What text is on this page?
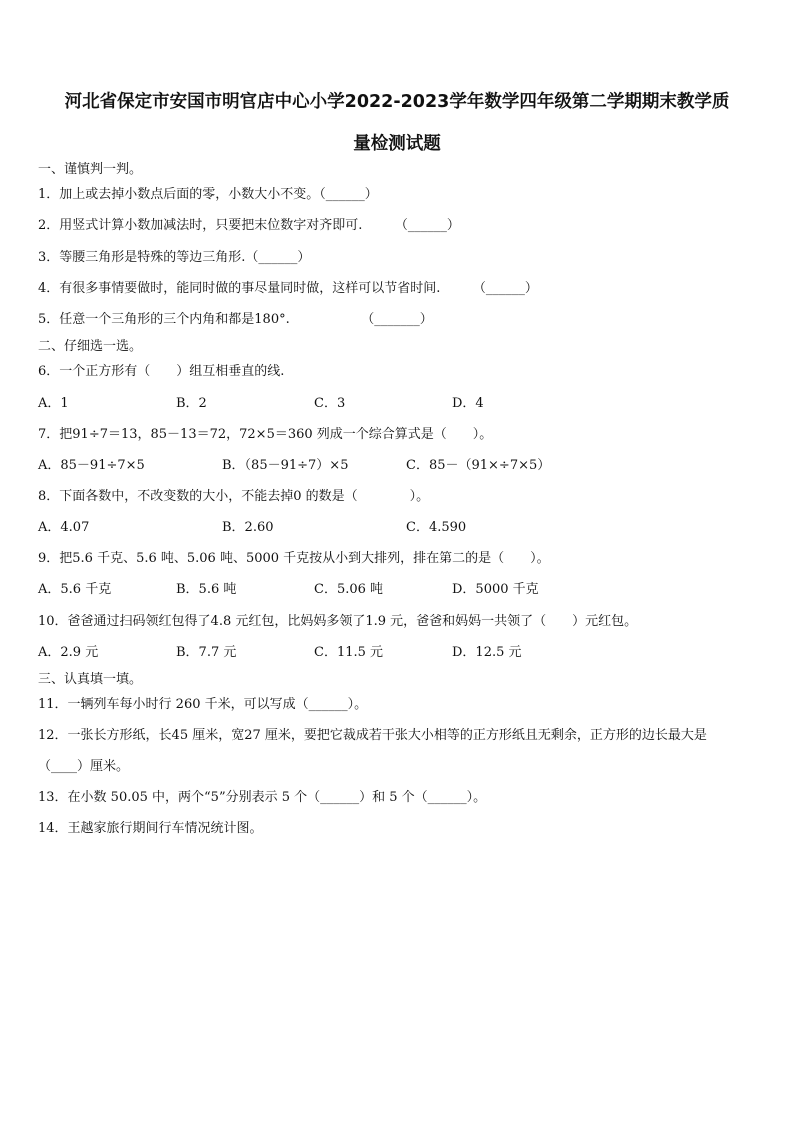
河北省保定市安国市明官店中心小学2022-2023学年数学四年级第二学期期末教学质
量检测试题
一、谨慎判一判。
1．加上或去掉小数点后面的零，小数大小不变。（______）
2．用竖式计算小数加减法时，只要把末位数字对齐即可.　　　（______）
3．等腰三角形是特殊的等边三角形.（______）
4．有很多事情要做时，能同时做的事尽量同时做，这样可以节省时间.　　　（______）
5．任意一个三角形的三个内角和都是180°.　　　　　　（_______）
二、仔细选一选。
6．一个正方形有（　　）组互相垂直的线.
A．1	B．2	C．3	D．4
7．把91÷7＝13，85－13＝72，72×5＝360 列成一个综合算式是（　　）。
A．85－91÷7×5	B．（85－91÷7）×5	C．85－（91×÷7×5）
8．下面各数中，不改变数的大小，不能去掉0 的数是（　　　　）。
A．4.07	B．2.60	C．4.590
9．把5.6 千克、5.6 吨、5.06 吨、5000 千克按从小到大排列，排在第二的是（　　）。
A．5.6 千克	B．5.6 吨	C．5.06 吨	D．5000 千克
10．爸爸通过扫码领红包得了4.8 元红包，比妈妈多领了1.9 元，爸爸和妈妈一共领了（　　）元红包。
A．2.9 元	B．7.7 元	C．11.5 元	D．12.5 元
三、认真填一填。
11．一辆列车每小时行 260 千米，可以写成（______）。
12．一张长方形纸，长45 厘米，宽27 厘米，要把它裁成若干张大小相等的正方形纸且无剩余，正方形的边长最大是
（____）厘米。
13．在小数 50.05 中，两个“5”分别表示 5 个（______）和 5 个（______）。
14．王越家旅行期间行车情况统计图。
